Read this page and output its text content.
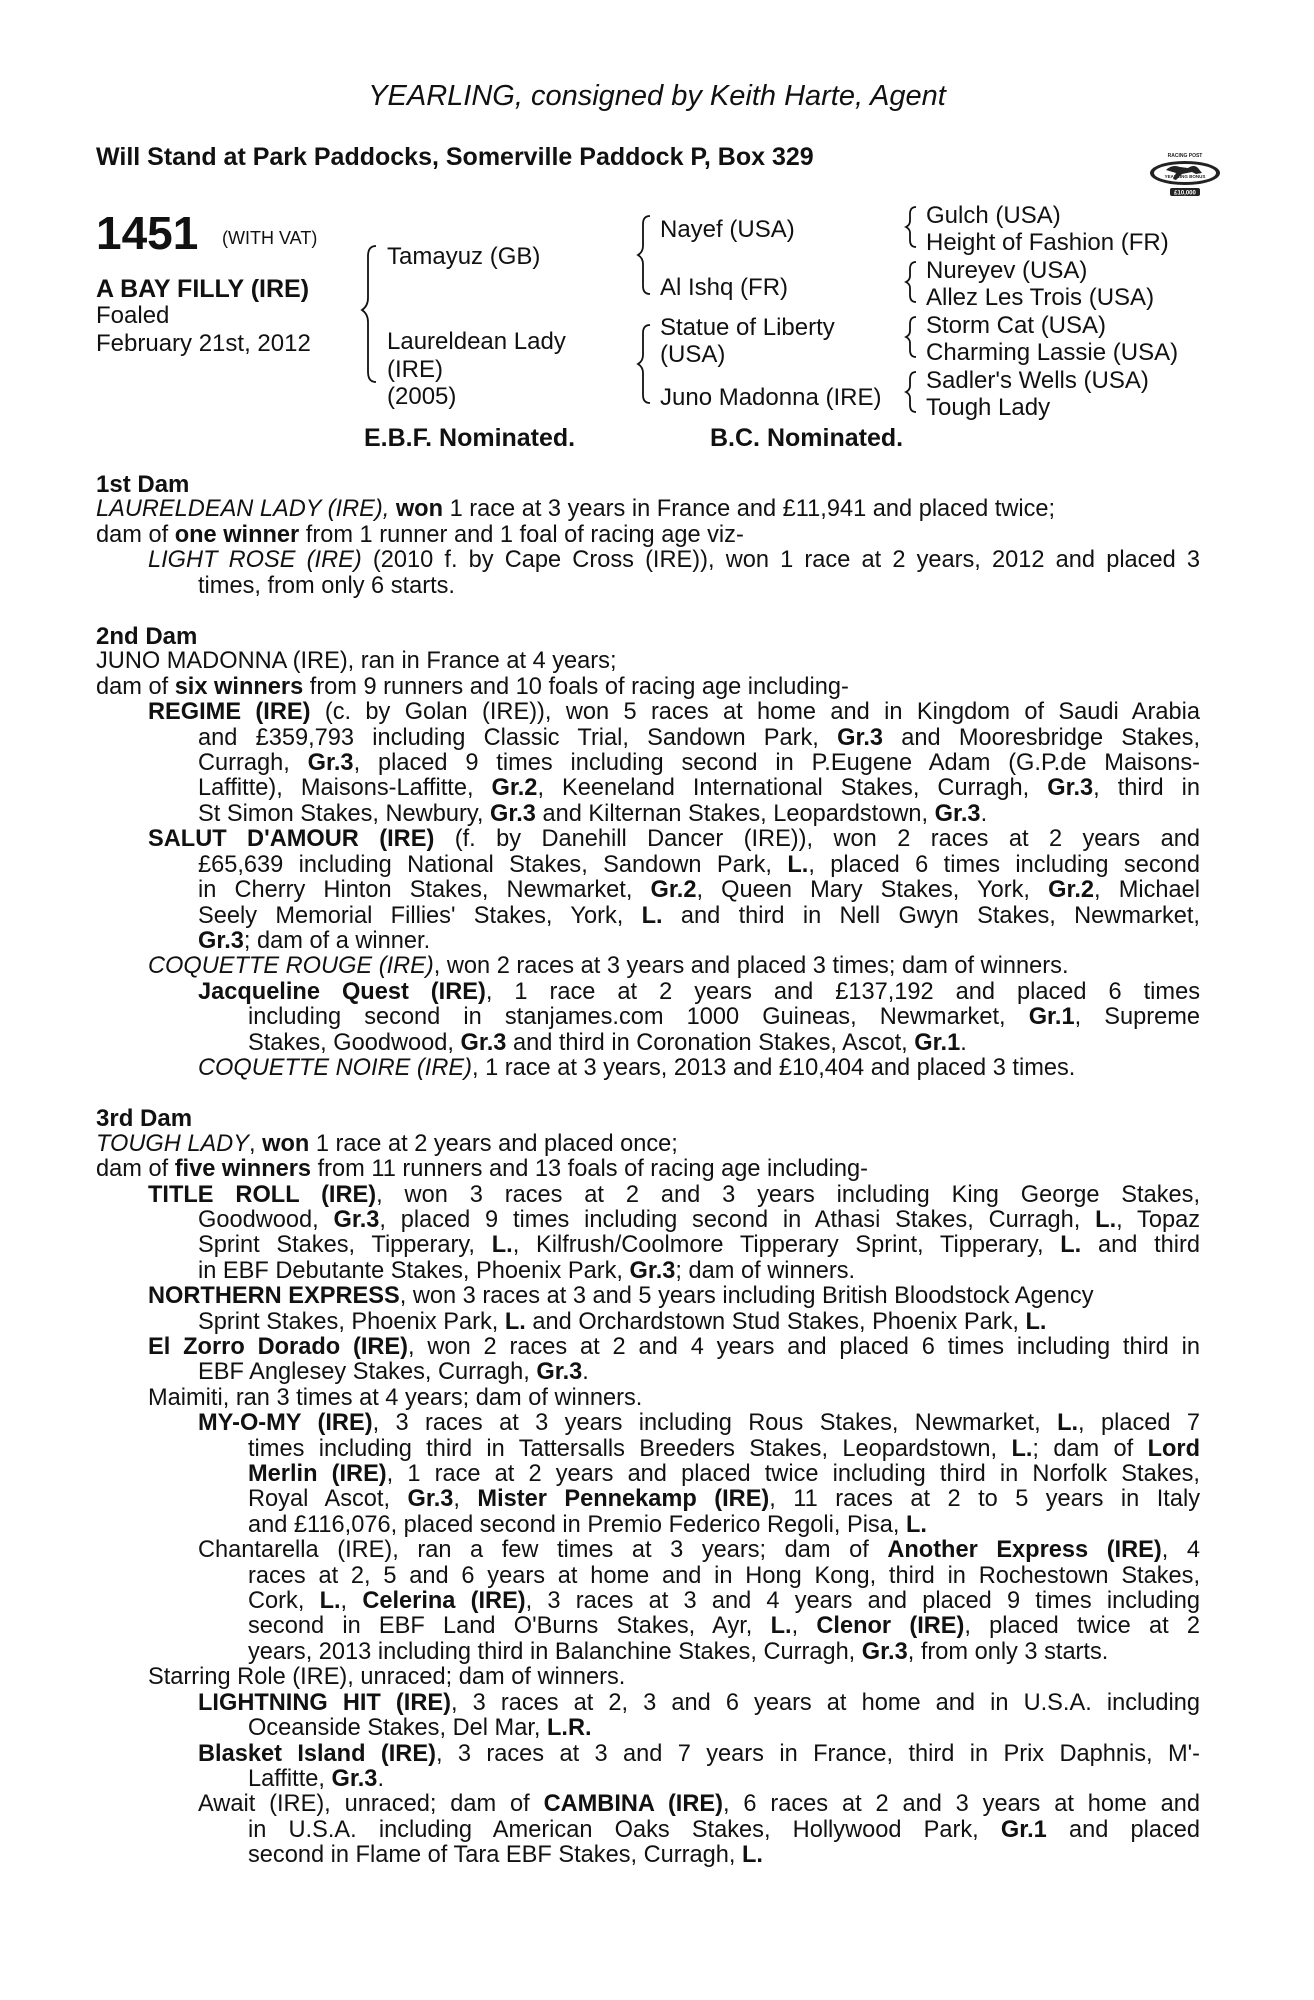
YEARLING, consigned by Keith Harte, Agent
Will Stand at Park Paddocks, Somerville Paddock P, Box 329	RACING POST
YEARLING BONUS
£10,000
1451 (WITH VAT)
A BAY FILLY (IRE)
Foaled
February 21st, 2012
Tamayuz (GB)
Laureldean Lady
(IRE)
(2005)
Nayef (USA)
Al Ishq (FR)
Statue of Liberty
(USA)
Juno Madonna (IRE)
Gulch (USA)
Height of Fashion (FR)
Nureyev (USA)
Allez Les Trois (USA)
Storm Cat (USA)
Charming Lassie (USA)
Sadler's Wells (USA)
Tough Lady
E.B.F. Nominated.	B.C. Nominated.
1st Dam
LAURELDEAN LADY (IRE), won 1 race at 3 years in France and £11,941 and placed twice;
dam of one winner from 1 runner and 1 foal of racing age viz-
LIGHT ROSE (IRE) (2010 f. by Cape Cross (IRE)), won 1 race at 2 years, 2012 and placed 3
times, from only 6 starts.
2nd Dam
JUNO MADONNA (IRE), ran in France at 4 years;
dam of six winners from 9 runners and 10 foals of racing age including-
REGIME (IRE) (c. by Golan (IRE)), won 5 races at home and in Kingdom of Saudi Arabia
and £359,793 including Classic Trial, Sandown Park, Gr.3 and Mooresbridge Stakes,
Curragh, Gr.3, placed 9 times including second in P.Eugene Adam (G.P.de Maisons-
Laffitte), Maisons-Laffitte, Gr.2, Keeneland International Stakes, Curragh, Gr.3, third in
St Simon Stakes, Newbury, Gr.3 and Kilternan Stakes, Leopardstown, Gr.3.
SALUT D'AMOUR (IRE) (f. by Danehill Dancer (IRE)), won 2 races at 2 years and
£65,639 including National Stakes, Sandown Park, L., placed 6 times including second
in Cherry Hinton Stakes, Newmarket, Gr.2, Queen Mary Stakes, York, Gr.2, Michael
Seely Memorial Fillies' Stakes, York, L. and third in Nell Gwyn Stakes, Newmarket,
Gr.3; dam of a winner.
COQUETTE ROUGE (IRE), won 2 races at 3 years and placed 3 times; dam of winners.
Jacqueline Quest (IRE), 1 race at 2 years and £137,192 and placed 6 times
including second in stanjames.com 1000 Guineas, Newmarket, Gr.1, Supreme
Stakes, Goodwood, Gr.3 and third in Coronation Stakes, Ascot, Gr.1.
COQUETTE NOIRE (IRE), 1 race at 3 years, 2013 and £10,404 and placed 3 times.
3rd Dam
TOUGH LADY, won 1 race at 2 years and placed once;
dam of five winners from 11 runners and 13 foals of racing age including-
TITLE ROLL (IRE), won 3 races at 2 and 3 years including King George Stakes,
Goodwood, Gr.3, placed 9 times including second in Athasi Stakes, Curragh, L., Topaz
Sprint Stakes, Tipperary, L., Kilfrush/Coolmore Tipperary Sprint, Tipperary, L. and third
in EBF Debutante Stakes, Phoenix Park, Gr.3; dam of winners.
NORTHERN EXPRESS, won 3 races at 3 and 5 years including British Bloodstock Agency
Sprint Stakes, Phoenix Park, L. and Orchardstown Stud Stakes, Phoenix Park, L.
El Zorro Dorado (IRE), won 2 races at 2 and 4 years and placed 6 times including third in
EBF Anglesey Stakes, Curragh, Gr.3.
Maimiti, ran 3 times at 4 years; dam of winners.
MY-O-MY (IRE), 3 races at 3 years including Rous Stakes, Newmarket, L., placed 7
times including third in Tattersalls Breeders Stakes, Leopardstown, L.; dam of Lord
Merlin (IRE), 1 race at 2 years and placed twice including third in Norfolk Stakes,
Royal Ascot, Gr.3, Mister Pennekamp (IRE), 11 races at 2 to 5 years in Italy
and £116,076, placed second in Premio Federico Regoli, Pisa, L.
Chantarella (IRE), ran a few times at 3 years; dam of Another Express (IRE), 4
races at 2, 5 and 6 years at home and in Hong Kong, third in Rochestown Stakes,
Cork, L., Celerina (IRE), 3 races at 3 and 4 years and placed 9 times including
second in EBF Land O'Burns Stakes, Ayr, L., Clenor (IRE), placed twice at 2
years, 2013 including third in Balanchine Stakes, Curragh, Gr.3, from only 3 starts.
Starring Role (IRE), unraced; dam of winners.
LIGHTNING HIT (IRE), 3 races at 2, 3 and 6 years at home and in U.S.A. including
Oceanside Stakes, Del Mar, L.R.
Blasket Island (IRE), 3 races at 3 and 7 years in France, third in Prix Daphnis, M'-
Laffitte, Gr.3.
Await (IRE), unraced; dam of CAMBINA (IRE), 6 races at 2 and 3 years at home and
in U.S.A. including American Oaks Stakes, Hollywood Park, Gr.1 and placed
second in Flame of Tara EBF Stakes, Curragh, L.
